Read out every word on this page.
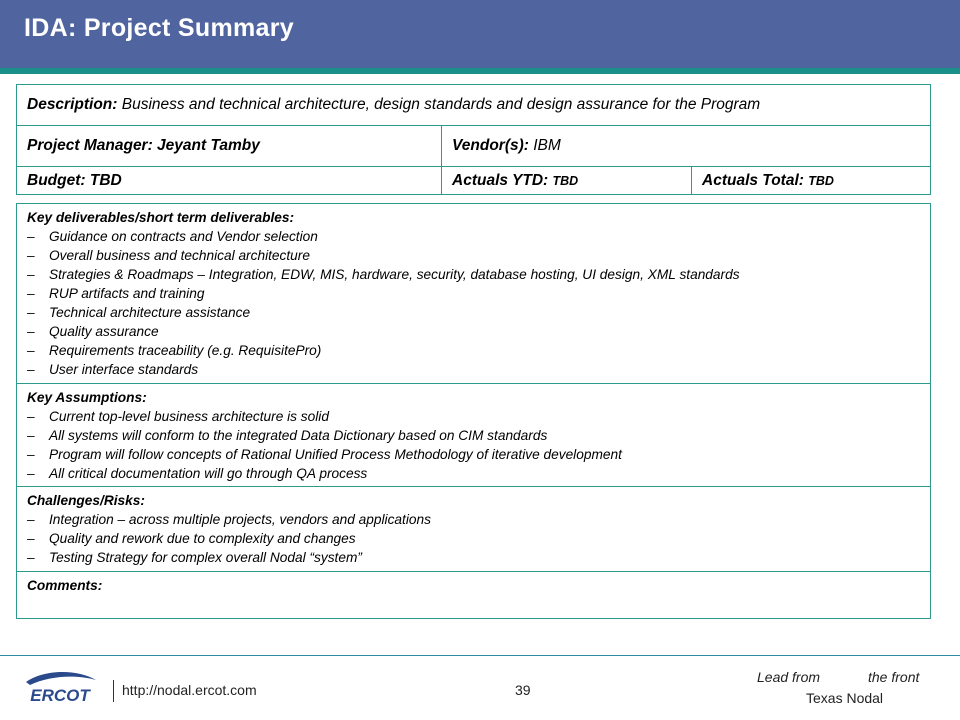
IDA: Project Summary
Description: Business and technical architecture, design standards and design assurance for the Program		
Project Manager: Jeyant Tamby	Vendor(s): IBM	
Budget: TBD	Actuals YTD: TBD	Actuals Total: TBD
Key deliverables/short term deliverables:
– Guidance on contracts and Vendor selection
– Overall business and technical architecture
– Strategies & Roadmaps – Integration, EDW, MIS, hardware, security, database hosting, UI design, XML standards
– RUP artifacts and training
– Technical architecture assistance
– Quality assurance
– Requirements traceability (e.g. RequisitePro)
– User interface standards

Key Assumptions:
– Current top-level business architecture is solid
– All systems will conform to the integrated Data Dictionary based on CIM standards
– Program will follow concepts of Rational Unified Process Methodology of iterative development
– All critical documentation will go through QA process

Challenges/Risks:
– Integration – across multiple projects, vendors and applications
– Quality and rework due to complexity and changes
– Testing Strategy for complex overall Nodal “system”

Comments:
ERCOT http://nodal.ercot.com	39
Lead from	the front
Texas Nodal
